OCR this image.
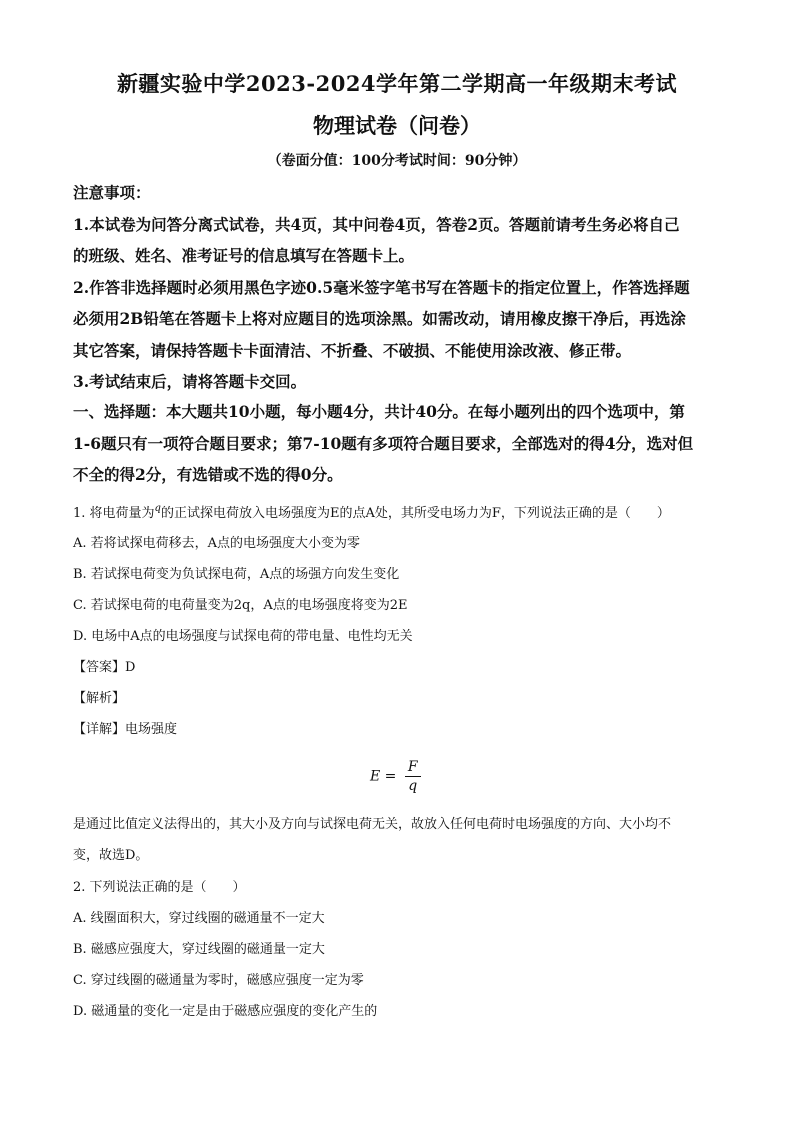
新疆实验中学2023-2024学年第二学期高一年级期末考试
物理试卷（问卷）
（卷面分值：100分考试时间：90分钟）
注意事项：
1.本试卷为问答分离式试卷，共4页，其中问卷4页，答卷2页。答题前请考生务必将自己
的班级、姓名、准考证号的信息填写在答题卡上。
2.作答非选择题时必须用黑色字迹0.5毫米签字笔书写在答题卡的指定位置上，作答选择题
必须用2B铅笔在答题卡上将对应题目的选项涂黑。如需改动，请用橡皮擦干净后，再选涂
其它答案，请保持答题卡卡面清洁、不折叠、不破损、不能使用涂改液、修正带。
3.考试结束后，请将答题卡交回。
一、选择题：本大题共10小题，每小题4分，共计40分。在每小题列出的四个选项中，第
1-6题只有一项符合题目要求；第7-10题有多项符合题目要求，全部选对的得4分，选对但
不全的得2分，有选错或不选的得0分。
1. 将电荷量为$^q$的正试探电荷放入电场强度为E的点A处，其所受电场力为F，下列说法正确的是（　　）
A. 若将试探电荷移去，A点的电场强度大小变为零
B. 若试探电荷变为负试探电荷，A点的场强方向发生变化
C. 若试探电荷的电荷量变为2q，A点的电场强度将变为2E
D. 电场中A点的电场强度与试探电荷的带电量、电性均无关
【答案】D
【解析】
【详解】电场强度
$E = \frac{F}{q}$
是通过比值定义法得出的，其大小及方向与试探电荷无关，故放入任何电荷时电场强度的方向、大小均不
变，故选D。
2. 下列说法正确的是（　　）
A. 线圈面积大，穿过线圈的磁通量不一定大
B. 磁感应强度大，穿过线圈的磁通量一定大
C. 穿过线圈的磁通量为零时，磁感应强度一定为零
D. 磁通量的变化一定是由于磁感应强度的变化产生的
